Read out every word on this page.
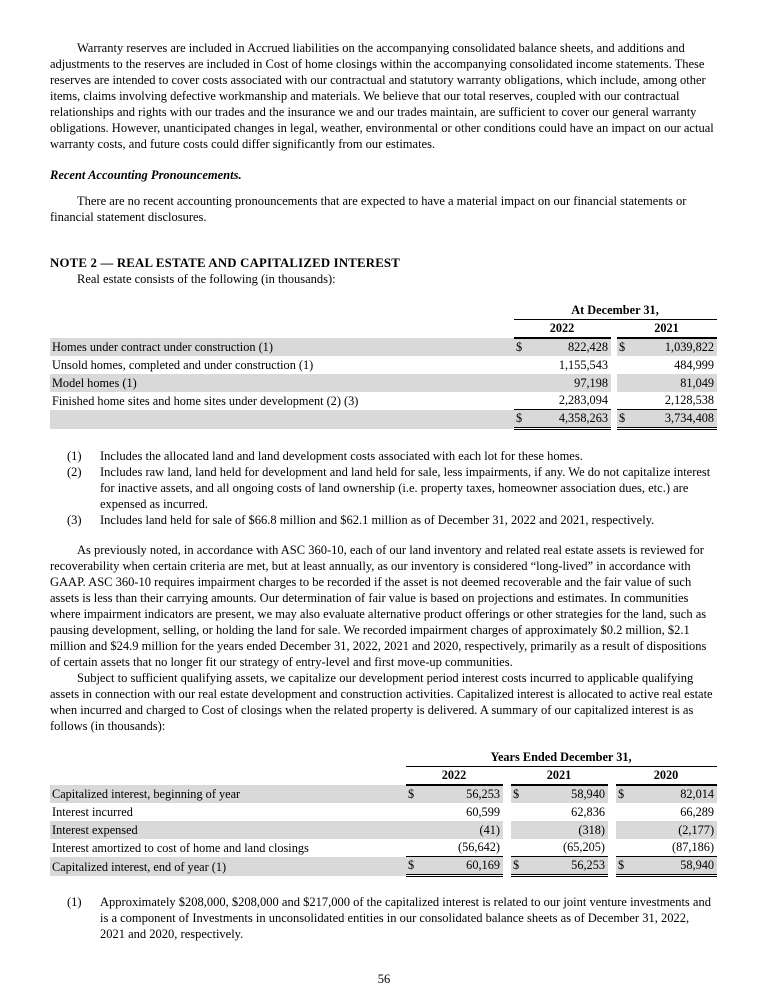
Warranty reserves are included in Accrued liabilities on the accompanying consolidated balance sheets, and additions and adjustments to the reserves are included in Cost of home closings within the accompanying consolidated income statements. These reserves are intended to cover costs associated with our contractual and statutory warranty obligations, which include, among other items, claims involving defective workmanship and materials. We believe that our total reserves, coupled with our contractual relationships and rights with our trades and the insurance we and our trades maintain, are sufficient to cover our general warranty obligations. However, unanticipated changes in legal, weather, environmental or other conditions could have an impact on our actual warranty costs, and future costs could differ significantly from our estimates.

Recent Accounting Pronouncements.

There are no recent accounting pronouncements that are expected to have a material impact on our financial statements or financial statement disclosures.

NOTE 2 — REAL ESTATE AND CAPITALIZED INTEREST

Real estate consists of the following (in thousands):

	At December 31,				
	2022			2021	
Homes under contract under construction (1)	$	822,428		$	1,039,822
Unsold homes, completed and under construction (1)		1,155,543			484,999
Model homes (1)		97,198			81,049
Finished home sites and home sites under development (2) (3)		2,283,094			2,128,538
	$	4,358,263		$	3,734,408
(1)	Includes the allocated land and land development costs associated with each lot for these homes.
(2)	Includes raw land, land held for development and land held for sale, less impairments, if any. We do not capitalize interest for inactive assets, and all ongoing costs of land ownership (i.e. property taxes, homeowner association dues, etc.) are expensed as incurred.
(3)	Includes land held for sale of $66.8 million and $62.1 million as of December 31, 2022 and 2021, respectively.

As previously noted, in accordance with ASC 360-10, each of our land inventory and related real estate assets is reviewed for recoverability when certain criteria are met, but at least annually, as our inventory is considered “long-lived” in accordance with GAAP. ASC 360-10 requires impairment charges to be recorded if the asset is not deemed recoverable and the fair value of such assets is less than their carrying amounts. Our determination of fair value is based on projections and estimates. In communities where impairment indicators are present, we may also evaluate alternative product offerings or other strategies for the land, such as pausing development, selling, or holding the land for sale. We recorded impairment charges of approximately $0.2 million, $2.1 million and $24.9 million for the years ended December 31, 2022, 2021 and 2020, respectively, primarily as a result of dispositions of certain assets that no longer fit our strategy of entry-level and first move-up communities.

Subject to sufficient qualifying assets, we capitalize our development period interest costs incurred to applicable qualifying assets in connection with our real estate development and construction activities. Capitalized interest is allocated to active real estate when incurred and charged to Cost of closings when the related property is delivered. A summary of our capitalized interest is as follows (in thousands):

	Years Ended December 31,							
	2022			2021			2020	
Capitalized interest, beginning of year	$	56,253		$	58,940		$	82,014
Interest incurred		60,599			62,836			66,289
Interest expensed		(41)			(318)			(2,177)
Interest amortized to cost of home and land closings		(56,642)			(65,205)			(87,186)
Capitalized interest, end of year (1)	$	60,169		$	56,253		$	58,940
(1)	Approximately $208,000, $208,000 and $217,000 of the capitalized interest is related to our joint venture investments and is a component of Investments in unconsolidated entities in our consolidated balance sheets as of December 31, 2022, 2021 and 2020, respectively.
56
